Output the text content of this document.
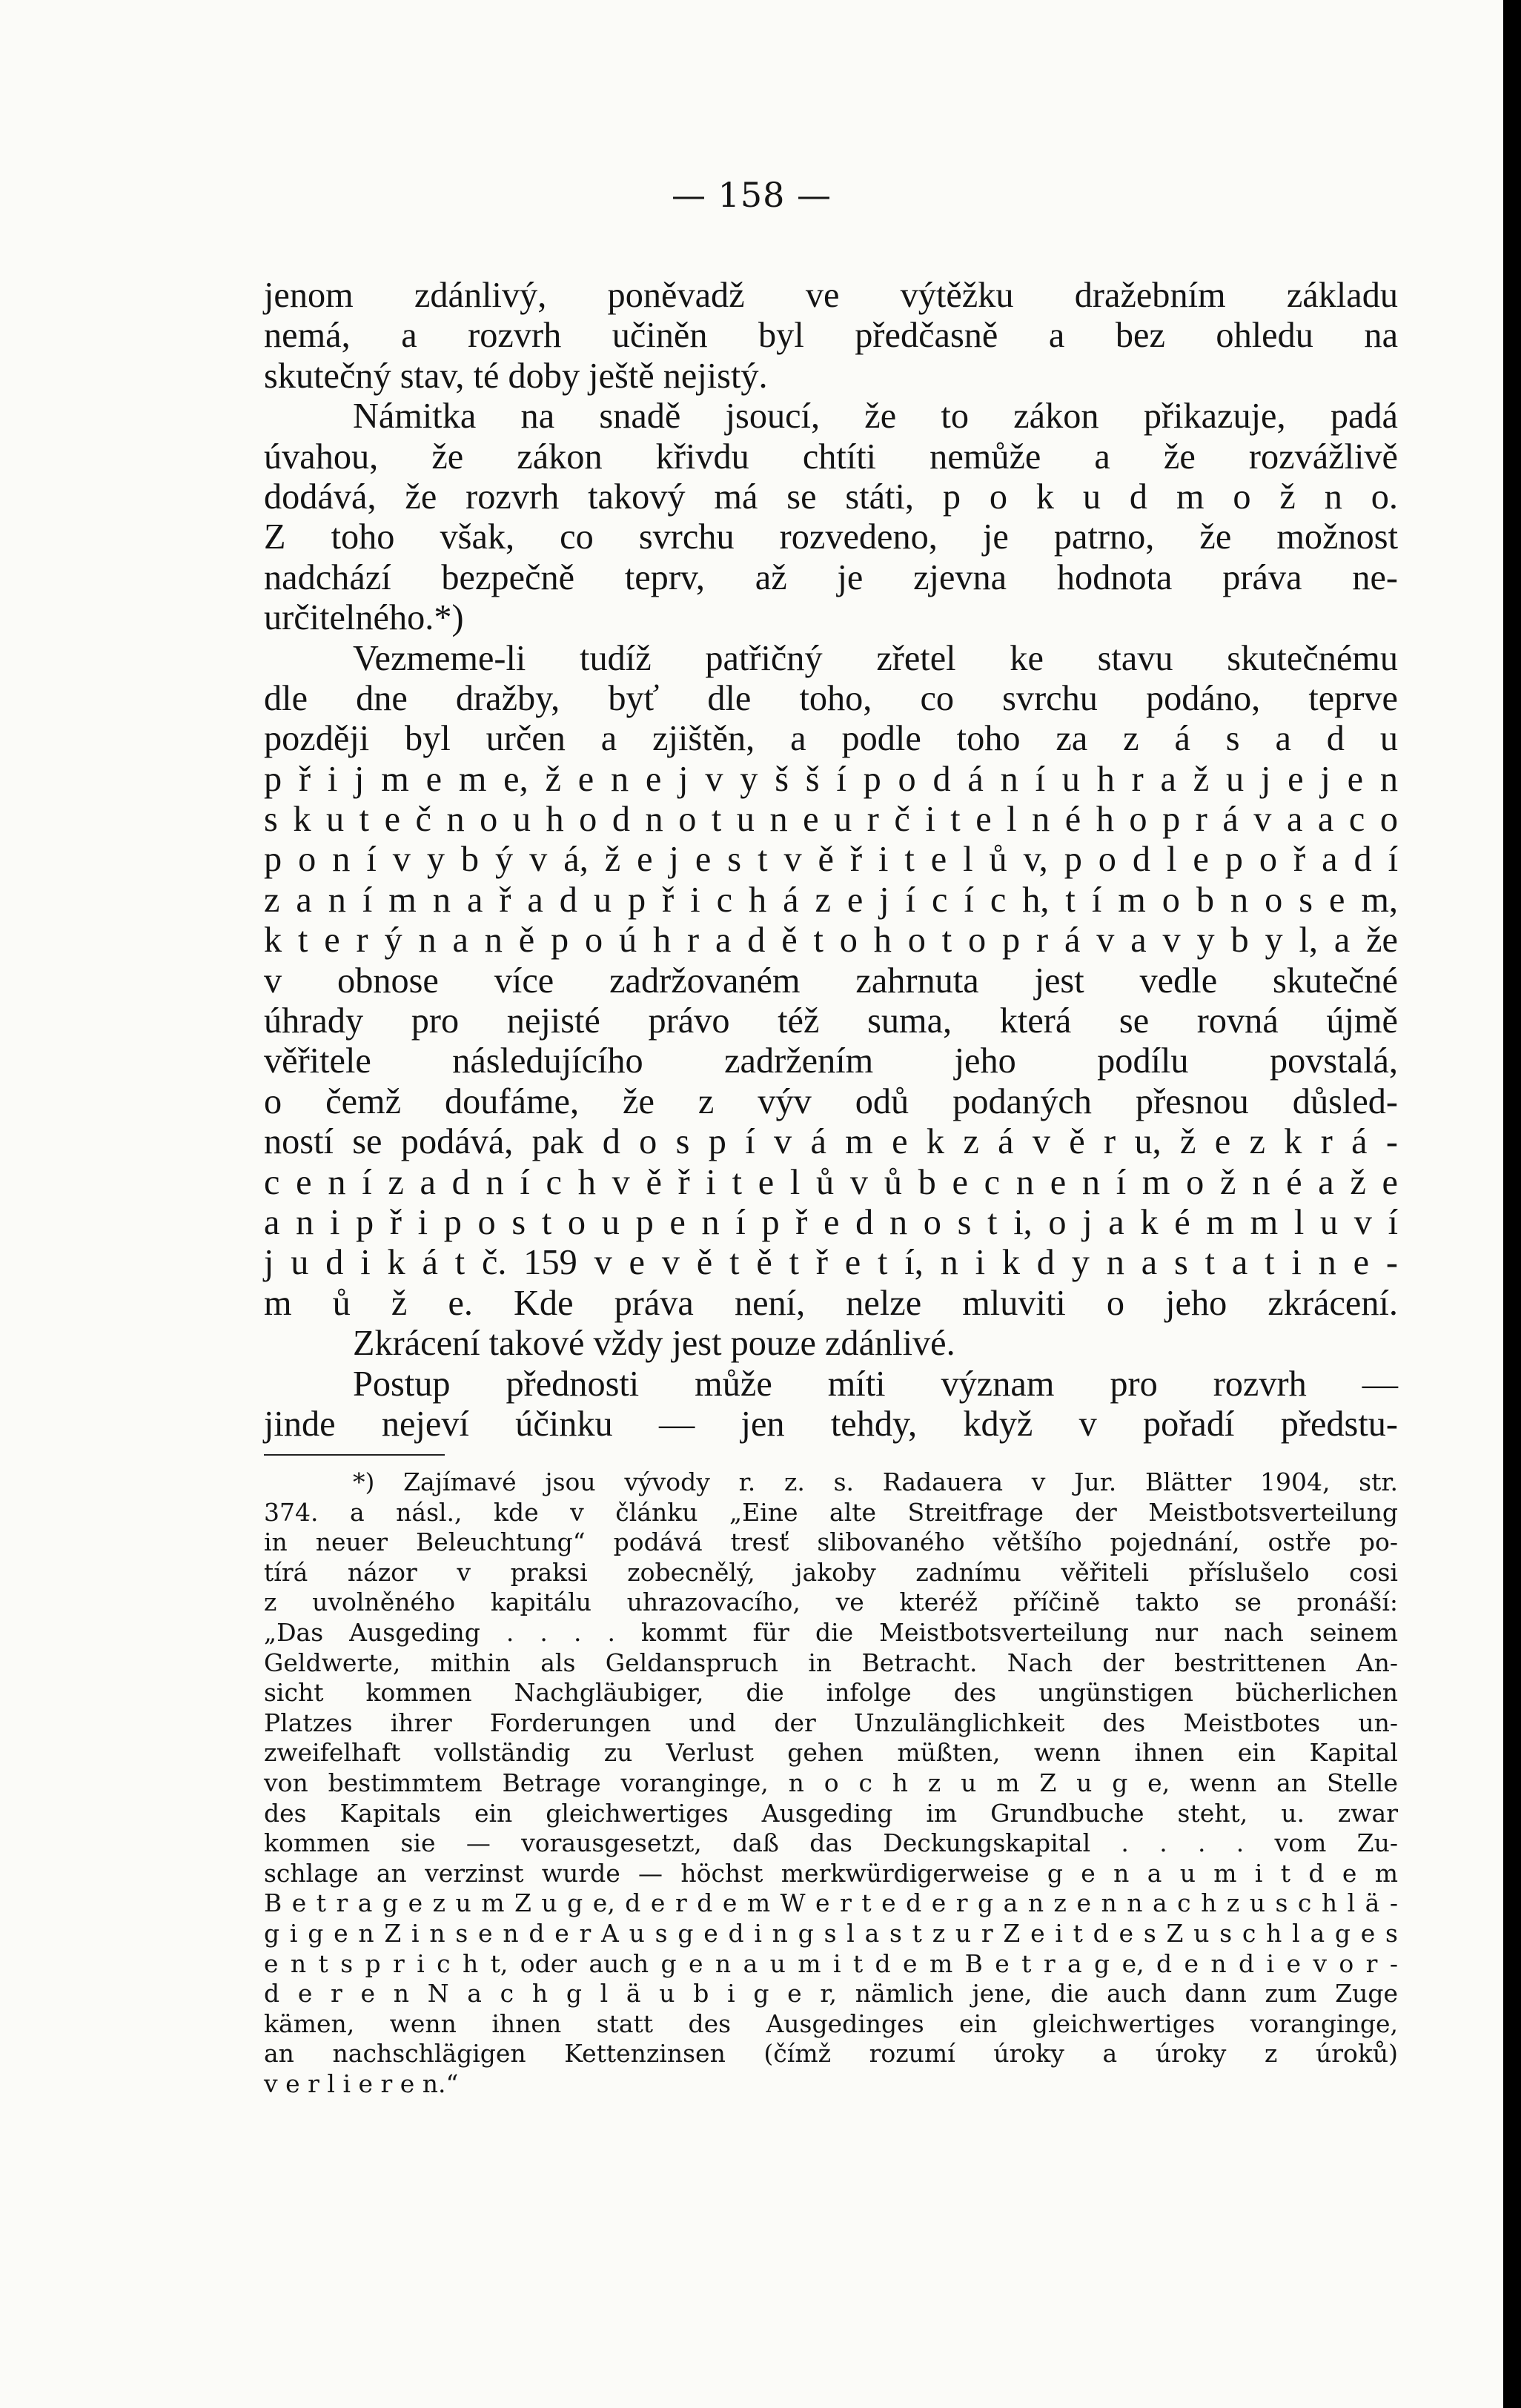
— 158 —
jenom zdánlivý, poněvadž ve výtěžku dražebním základu
nemá, a rozvrh učiněn byl předčasně a bez ohledu na
skutečný stav, té doby ještě nejistý.
Námitka na snadě jsoucí, že to zákon přikazuje, padá
úvahou, že zákon křivdu chtíti nemůže a že rozvážlivě
dodává, že rozvrh takový má se státi, p o k u d m o ž n o.
Z toho však, co svrchu rozvedeno, je patrno, že možnost
nadchází bezpečně teprv, až je zjevna hodnota práva ne-
určitelného.*)
Vezmeme-li tudíž patřičný zřetel ke stavu skutečnému
dle dne dražby, byť dle toho, co svrchu podáno, teprve
později byl určen a zjištěn, a podle toho za z á s a d u
p ř i j m e m e, ž e n e j v y š š í p o d á n í u h r a ž u j e j e n
s k u t e č n o u h o d n o t u n e u r č i t e l n é h o p r á v a a c o
p o n í v y b ý v á, ž e j e s t v ě ř i t e l ů v, p o d l e p o ř a d í
z a n í m n a ř a d u p ř i c h á z e j í c í c h, t í m o b n o s e m,
k t e r ý n a n ě p o ú h r a d ě t o h o t o p r á v a v y b y l, a že
v obnose více zadržovaném zahrnuta jest vedle skutečné
úhrady pro nejisté právo též suma, která se rovná újmě
věřitele následujícího zadržením jeho podílu povstalá,
o čemž doufáme, že z výv odů podaných přesnou důsled-
ností se podává, pak d o s p í v á m e k z á v ě r u, ž e z k r á -
c e n í z a d n í c h v ě ř i t e l ů v ů b e c n e n í m o ž n é a ž e
a n i p ř i p o s t o u p e n í p ř e d n o s t i, o j a k é m m l u v í
j u d i k á t č. 159 v e v ě t ě t ř e t í, n i k d y n a s t a t i n e -
m ů ž e. Kde práva není, nelze mluviti o jeho zkrácení.
Zkrácení takové vždy jest pouze zdánlivé.
Postup přednosti může míti význam pro rozvrh —
jinde nejeví účinku — jen tehdy, když v pořadí předstu-
*) Zajímavé jsou vývody r. z. s. Radauera v Jur. Blätter 1904, str.
374. a násl., kde v článku „Eine alte Streitfrage der Meistbotsverteilung
in neuer Beleuchtung“ podává tresť slibovaného většího pojednání, ostře po-
tírá názor v praksi zobecnělý, jakoby zadnímu věřiteli příslušelo cosi
z uvolněného kapitálu uhrazovacího, ve kteréž příčině takto se pronáší:
„Das Ausgeding . . . . kommt für die Meistbotsverteilung nur nach seinem
Geldwerte, mithin als Geldanspruch in Betracht. Nach der bestrittenen An-
sicht kommen Nachgläubiger, die infolge des ungünstigen bücherlichen
Platzes ihrer Forderungen und der Unzulänglichkeit des Meistbotes un-
zweifelhaft vollständig zu Verlust gehen müßten, wenn ihnen ein Kapital
von bestimmtem Betrage voranginge, n o c h z u m Z u g e, wenn an Stelle
des Kapitals ein gleichwertiges Ausgeding im Grundbuche steht, u. zwar
kommen sie — vorausgesetzt, daß das Deckungskapital . . . . vom Zu-
schlage an verzinst wurde — höchst merkwürdigerweise g e n a u m i t d e m
B e t r a g e z u m Z u g e, d e r d e m W e r t e d e r g a n z e n n a c h z u s c h l ä -
g i g e n Z i n s e n d e r A u s g e d i n g s l a s t z u r Z e i t d e s Z u s c h l a g e s
e n t s p r i c h t, oder auch g e n a u m i t d e m B e t r a g e, d e n d i e v o r -
d e r e n N a c h g l ä u b i g e r, nämlich jene, die auch dann zum Zuge
kämen, wenn ihnen statt des Ausgedinges ein gleichwertiges voranginge,
an nachschlägigen Kettenzinsen (čímž rozumí úroky a úroky z úroků)
v e r l i e r e n.“
